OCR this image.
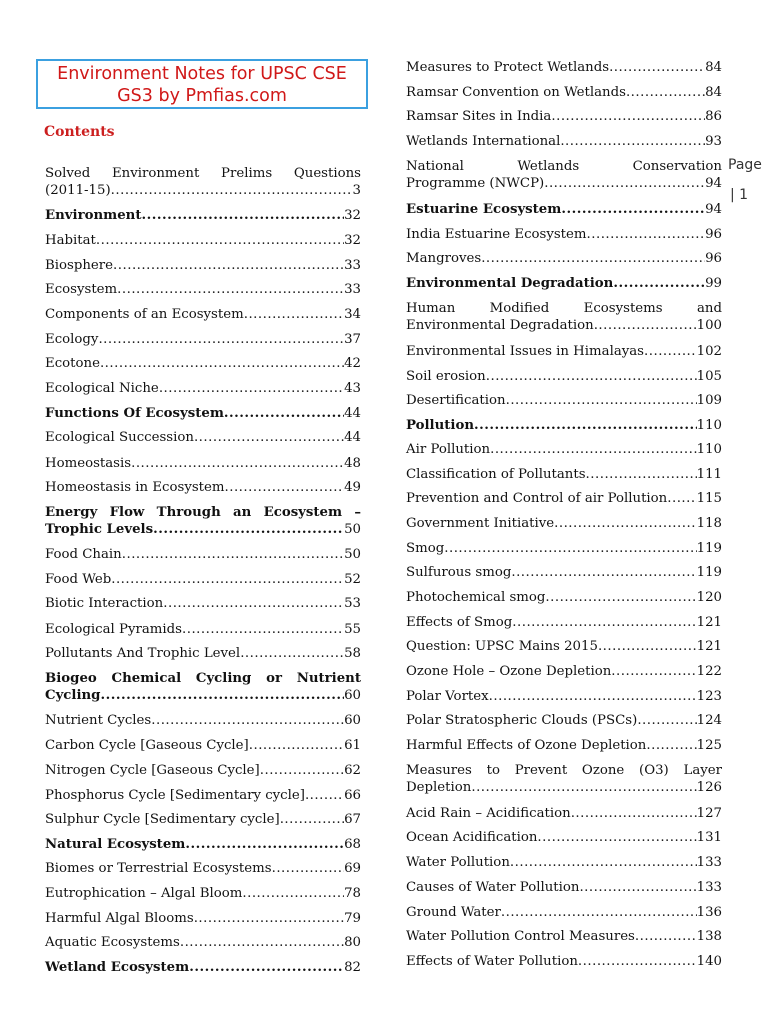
Environment Notes for UPSC CSE
GS3 by Pmfias.com
Contents
Solved Environment Prelims Questions
(2011-15) .....	3
Environment .....	32
Habitat .....	32
Biosphere .....	33
Ecosystem .....	33
Components of an Ecosystem .....	34
Ecology .....	37
Ecotone .....	42
Ecological Niche .....	43
Functions Of Ecosystem .....	44
Ecological Succession .....	44
Homeostasis .....	48
Homeostasis in Ecosystem .....	49
Energy Flow Through an Ecosystem –
Trophic Levels .....	50
Food Chain .....	50
Food Web .....	52
Biotic Interaction .....	53
Ecological Pyramids .....	55
Pollutants And Trophic Level .....	58
Biogeo Chemical Cycling or Nutrient
Cycling .....	60
Nutrient Cycles .....	60
Carbon Cycle [Gaseous Cycle] .....	61
Nitrogen Cycle [Gaseous Cycle] .....	62
Phosphorus Cycle [Sedimentary cycle] .....	66
Sulphur Cycle [Sedimentary cycle] .....	67
Natural Ecosystem .....	68
Biomes or Terrestrial Ecosystems .....	69
Eutrophication – Algal Bloom .....	78
Harmful Algal Blooms .....	79
Aquatic Ecosystems .....	80
Wetland Ecosystem .....	82
Measures to Protect Wetlands .....	84
Ramsar Convention on Wetlands .....	84
Ramsar Sites in India .....	86
Wetlands International .....	93
National Wetlands Conservation
Programme (NWCP) .....	94
Estuarine Ecosystem .....	94
India Estuarine Ecosystem .....	96
Mangroves .....	96
Environmental Degradation .....	99
Human Modified Ecosystems and
Environmental Degradation .....	100
Environmental Issues in Himalayas .....	102
Soil erosion .....	105
Desertification .....	109
Pollution .....	110
Air Pollution .....	110
Classification of Pollutants .....	111
Prevention and Control of air Pollution ..... 115
Government Initiative .....	118
Smog .....	119
Sulfurous smog .....	119
Photochemical smog .....	120
Effects of Smog .....	121
Question: UPSC Mains 2015 .....	121
Ozone Hole – Ozone Depletion .....	122
Polar Vortex .....	123
Polar Stratospheric Clouds (PSCs) .....	124
Harmful Effects of Ozone Depletion .....	125
Measures to Prevent Ozone (O3) Layer
Depletion .....	126
Acid Rain – Acidification .....	127
Ocean Acidification .....	131
Water Pollution .....	133
Causes of Water Pollution .....	133
Ground Water .....	136
Water Pollution Control Measures .....	138
Effects of Water Pollution .....	140
Page
| 1
